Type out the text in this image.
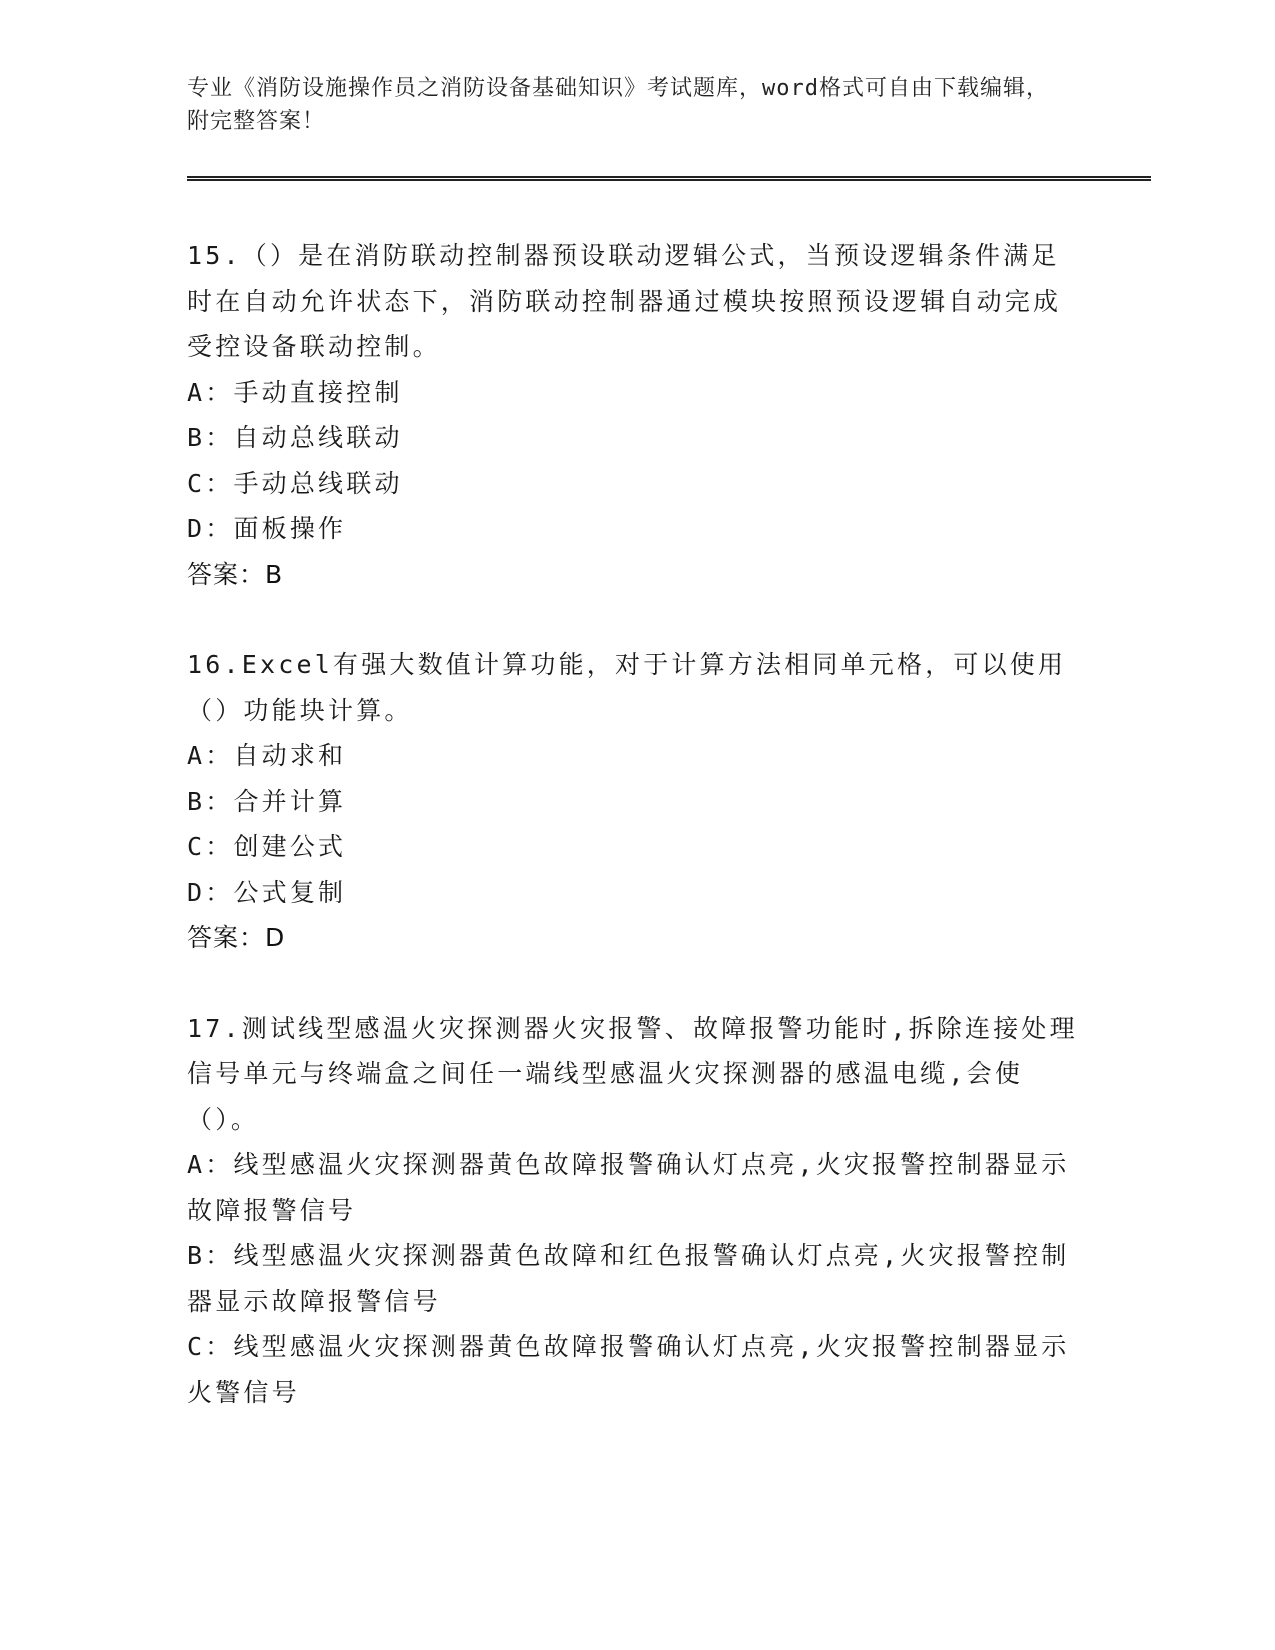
专业《消防设施操作员之消防设备基础知识》考试题库，word格式可自由下载编辑，附完整答案！
15.（）是在消防联动控制器预设联动逻辑公式，当预设逻辑条件满足时在自动允许状态下，消防联动控制器通过模块按照预设逻辑自动完成受控设备联动控制。
A：手动直接控制
B：自动总线联动
C：手动总线联动
D：面板操作
答案：B
16.Excel有强大数值计算功能，对于计算方法相同单元格，可以使用（）功能块计算。
A：自动求和
B：合并计算
C：创建公式
D：公式复制
答案：D
17.测试线型感温火灾探测器火灾报警、故障报警功能时,拆除连接处理信号单元与终端盒之间任一端线型感温火灾探测器的感温电缆,会使（）。
A：线型感温火灾探测器黄色故障报警确认灯点亮,火灾报警控制器显示故障报警信号
B：线型感温火灾探测器黄色故障和红色报警确认灯点亮,火灾报警控制器显示故障报警信号
C：线型感温火灾探测器黄色故障报警确认灯点亮,火灾报警控制器显示火警信号
